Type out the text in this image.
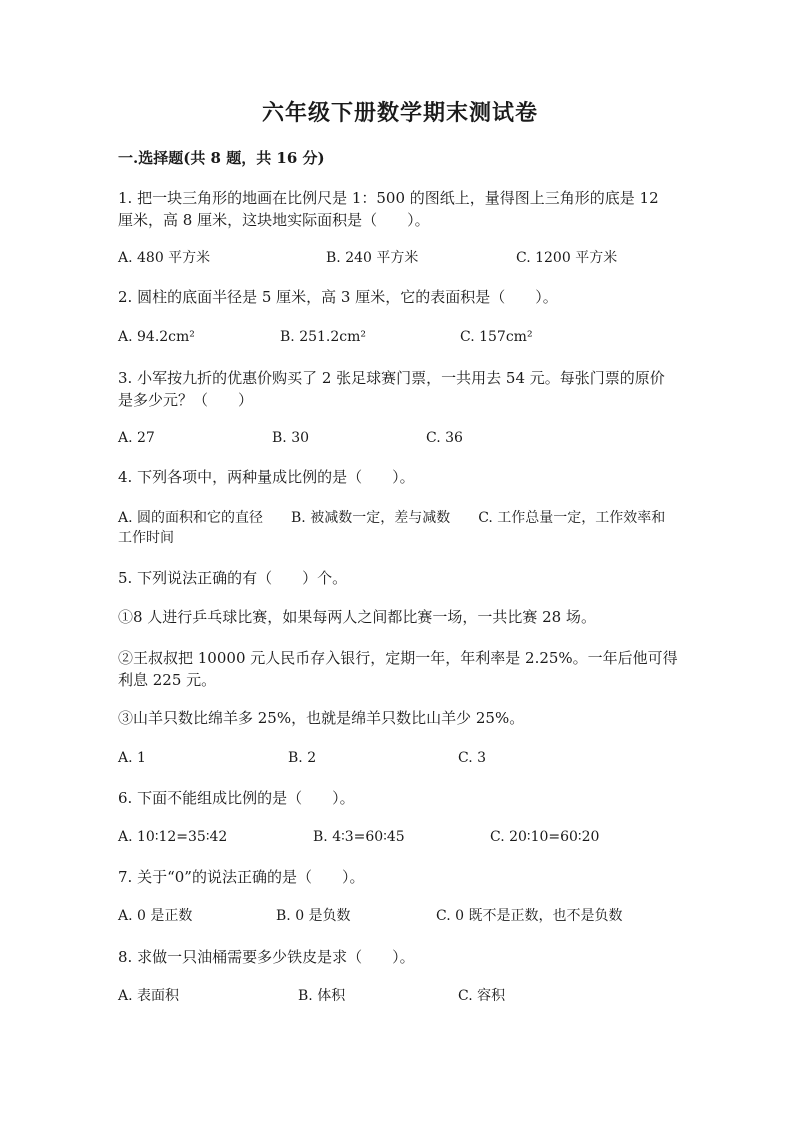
六年级下册数学期末测试卷
一.选择题(共 8 题，共 16 分)
1. 把一块三角形的地画在比例尺是 1：500 的图纸上，量得图上三角形的底是 12 厘米，高 8 厘米，这块地实际面积是（　　）。
A. 480 平方米	B. 240 平方米	C. 1200 平方米
2. 圆柱的底面半径是 5 厘米，高 3 厘米，它的表面积是（　　）。
A. 94.2cm²	B. 251.2cm²	C. 157cm²
3. 小军按九折的优惠价购买了 2 张足球赛门票，一共用去 54 元。每张门票的原价是多少元？（　　）
A. 27	B. 30	C. 36
4. 下列各项中，两种量成比例的是（　　）。
A. 圆的面积和它的直径　　B. 被减数一定，差与减数　　C. 工作总量一定，工作效率和工作时间
5. 下列说法正确的有（　　）个。
①8 人进行乒乓球比赛，如果每两人之间都比赛一场，一共比赛 28 场。
②王叔叔把 10000 元人民币存入银行，定期一年，年利率是 2.25%。一年后他可得利息 225 元。
③山羊只数比绵羊多 25%，也就是绵羊只数比山羊少 25%。
A. 1	B. 2	C. 3
6. 下面不能组成比例的是（　　）。
A. 10∶12=35∶42	B. 4∶3=60∶45	C. 20∶10=60∶20
7. 关于“0”的说法正确的是（　　）。
A. 0 是正数	B. 0 是负数	C. 0 既不是正数，也不是负数
8. 求做一只油桶需要多少铁皮是求（　　）。
A. 表面积	B. 体积	C. 容积
